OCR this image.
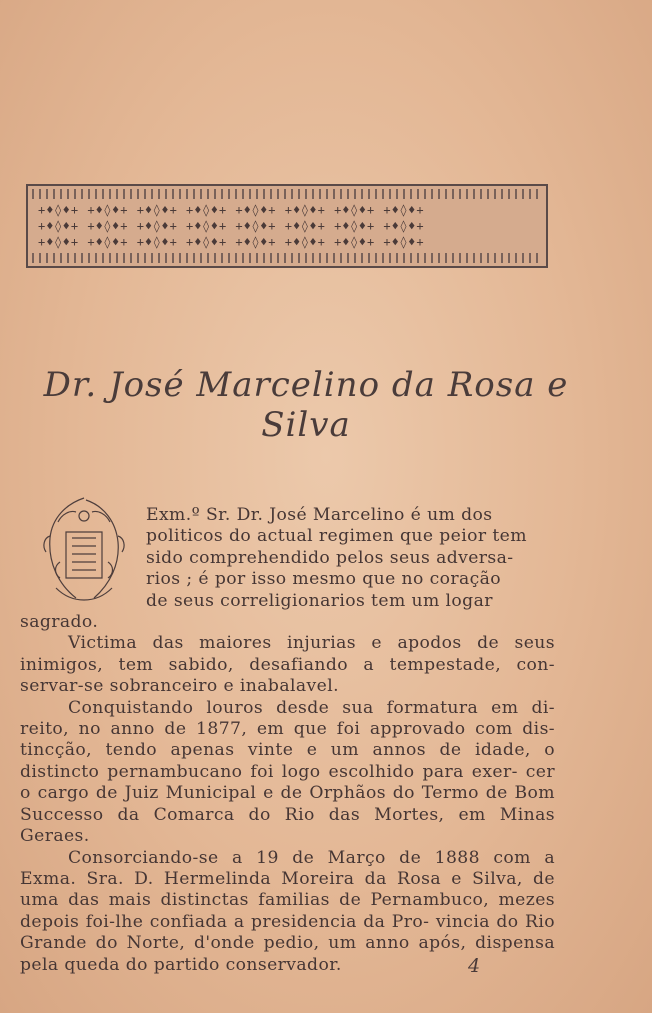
+♦◊♦+ +♦◊♦+ +♦◊♦+ +♦◊♦+ +♦◊♦+ +♦◊♦+ +♦◊♦+ +♦◊♦+
+♦◊♦+ +♦◊♦+ +♦◊♦+ +♦◊♦+ +♦◊♦+ +♦◊♦+ +♦◊♦+ +♦◊♦+
+♦◊♦+ +♦◊♦+ +♦◊♦+ +♦◊♦+ +♦◊♦+ +♦◊♦+ +♦◊♦+ +♦◊♦+
Dr. José Marcelino da Rosa e Silva

Exm.º Sr. Dr. José Marcelino é um dos

politicos do actual regimen que peior tem

sido comprehendido pelos seus adversa-

rios ; é por isso mesmo que no coração

de seus correligionarios tem um logar

sagrado.

Victima das maiores injurias e apodos de seus inimigos, tem sabido, desafiando a tempestade, con- servar-se sobranceiro e inabalavel.

Conquistando louros desde sua formatura em di- reito, no anno de 1877, em que foi approvado com dis- tincção, tendo apenas vinte e um annos de idade, o distincto pernambucano foi logo escolhido para exer- cer o cargo de Juiz Municipal e de Orphãos do Termo de Bom Successo da Comarca do Rio das Mortes, em Minas Geraes.

Consorciando-se a 19 de Março de 1888 com a Exma. Sra. D. Hermelinda Moreira da Rosa e Silva, de uma das mais distinctas familias de Pernambuco, mezes depois foi-lhe confiada a presidencia da Pro- vincia do Rio Grande do Norte, d'onde pedio, um anno após, dispensa pela queda do partido conservador.	4
